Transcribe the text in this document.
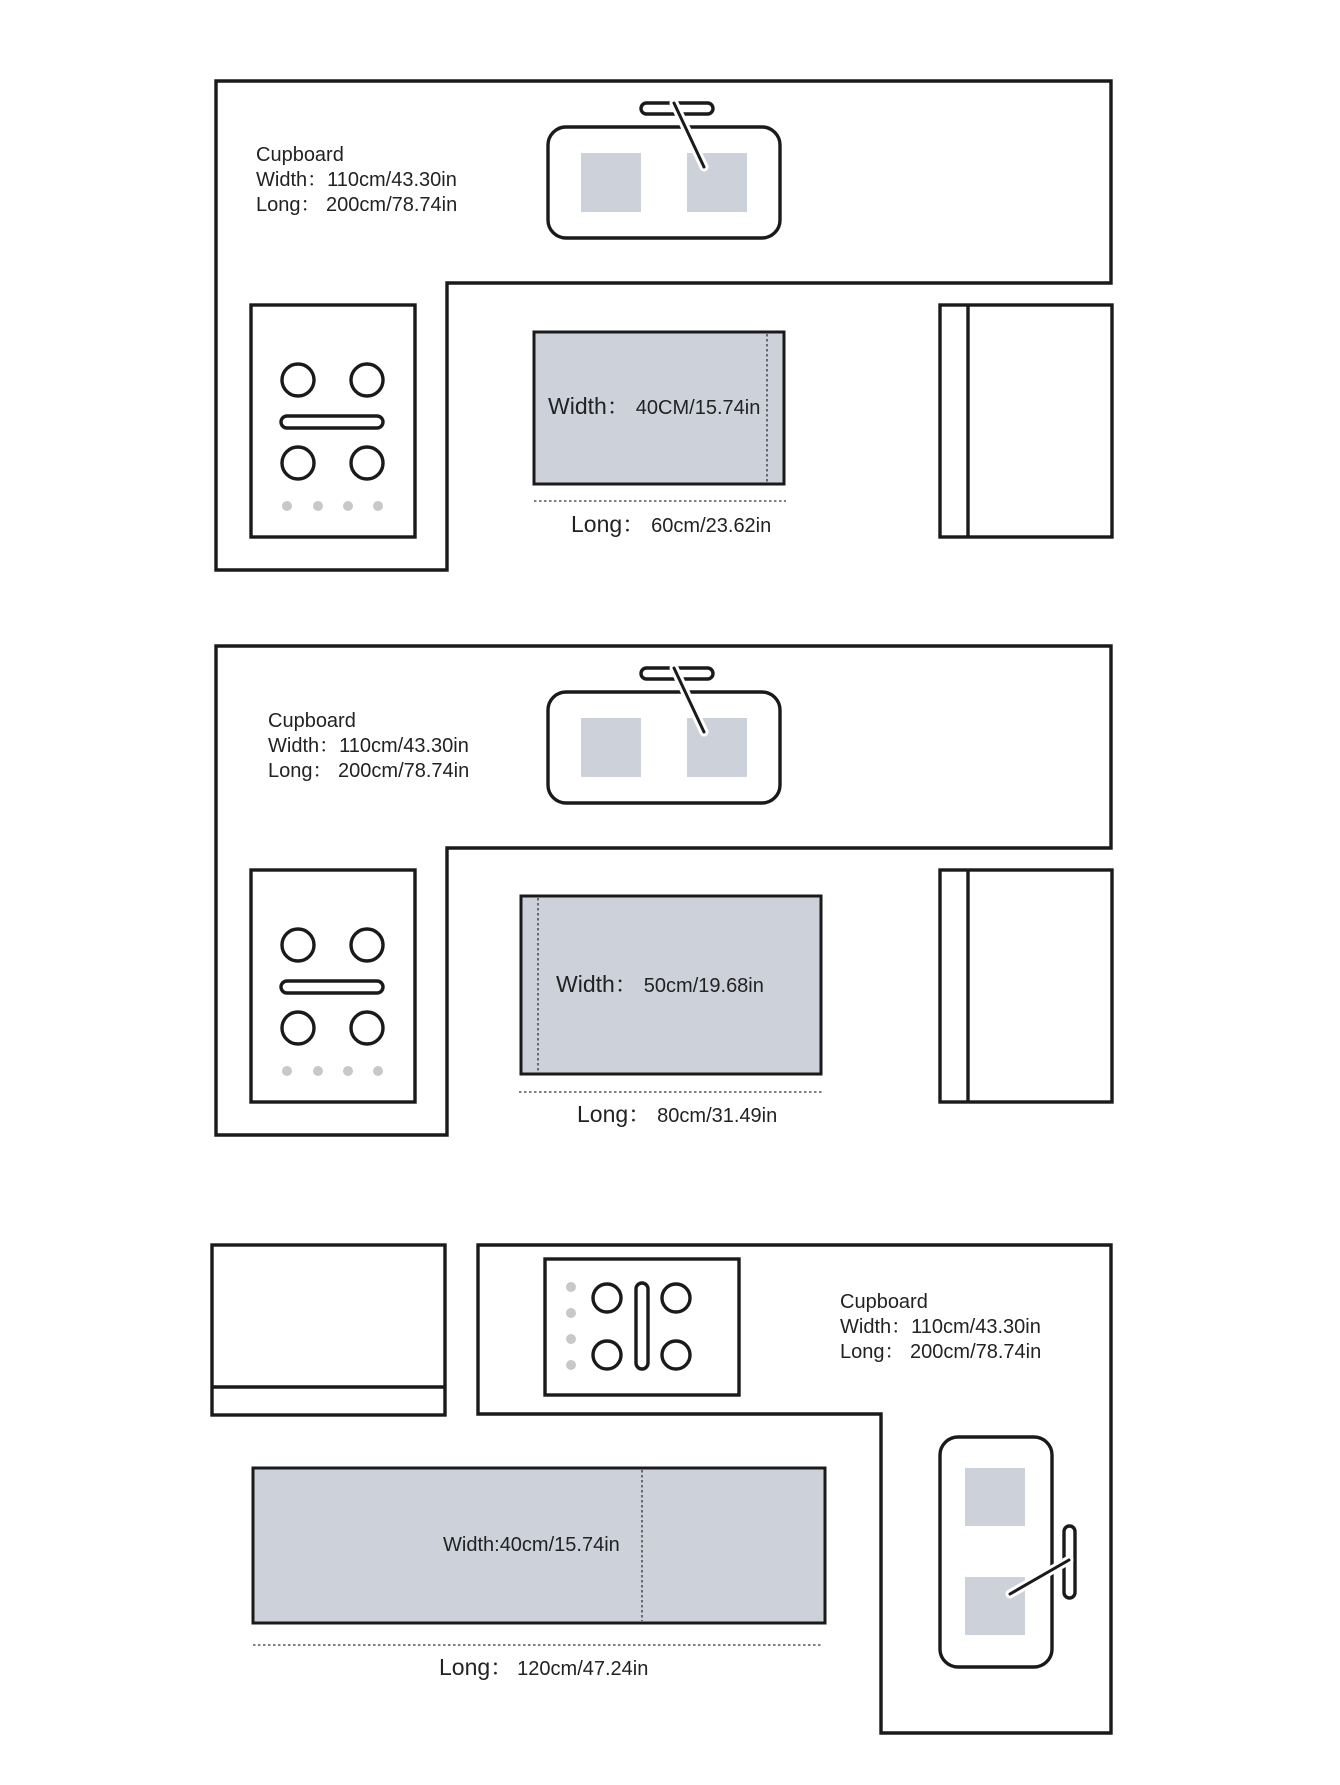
Cupboard
Width：110cm/43.30in
Long： 200cm/78.74in
Width： 40CM/15.74in
Long： 60cm/23.62in
Cupboard
Width：110cm/43.30in
Long： 200cm/78.74in
Width： 50cm/19.68in
Long： 80cm/31.49in
Cupboard
Width：110cm/43.30in
Long： 200cm/78.74in
Width:40cm/15.74in
Long： 120cm/47.24in
